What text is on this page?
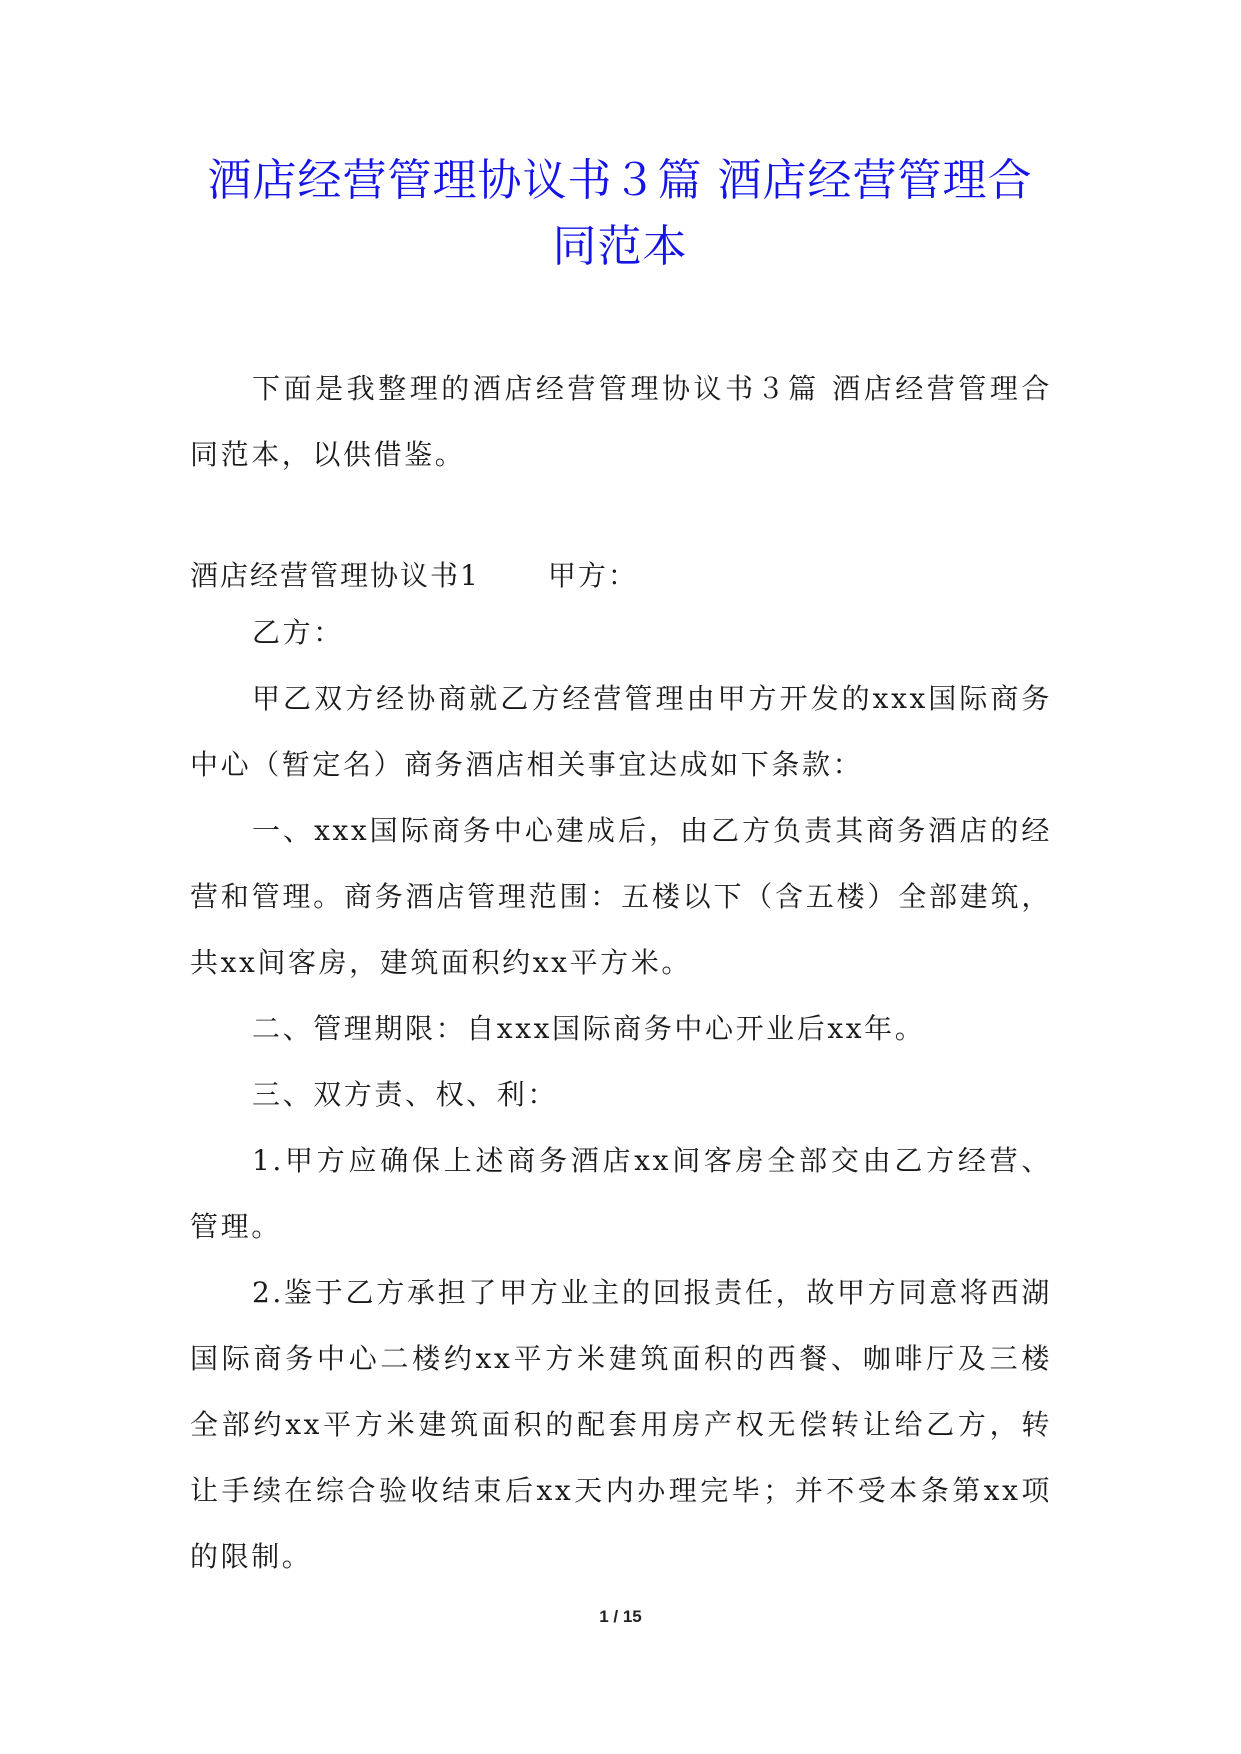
酒店经营管理协议书３篇 酒店经营管理合
同范本

下面是我整理的酒店经营管理协议书３篇 酒店经营管理合同范本，以供借鉴。

酒店经营管理协议书1 甲方：

乙方：

甲乙双方经协商就乙方经营管理由甲方开发的xxx国际商务中心（暂定名）商务酒店相关事宜达成如下条款：

一、xxx国际商务中心建成后，由乙方负责其商务酒店的经营和管理。商务酒店管理范围：五楼以下（含五楼）全部建筑，共xx间客房，建筑面积约xx平方米。

二、管理期限：自xxx国际商务中心开业后xx年。

三、双方责、权、利：

1.甲方应确保上述商务酒店xx间客房全部交由乙方经营、管理。

2.鉴于乙方承担了甲方业主的回报责任，故甲方同意将西湖国际商务中心二楼约xx平方米建筑面积的西餐、咖啡厅及三楼全部约xx平方米建筑面积的配套用房产权无偿转让给乙方，转让手续在综合验收结束后xx天内办理完毕；并不受本条第xx项的限制。

1 / 15
